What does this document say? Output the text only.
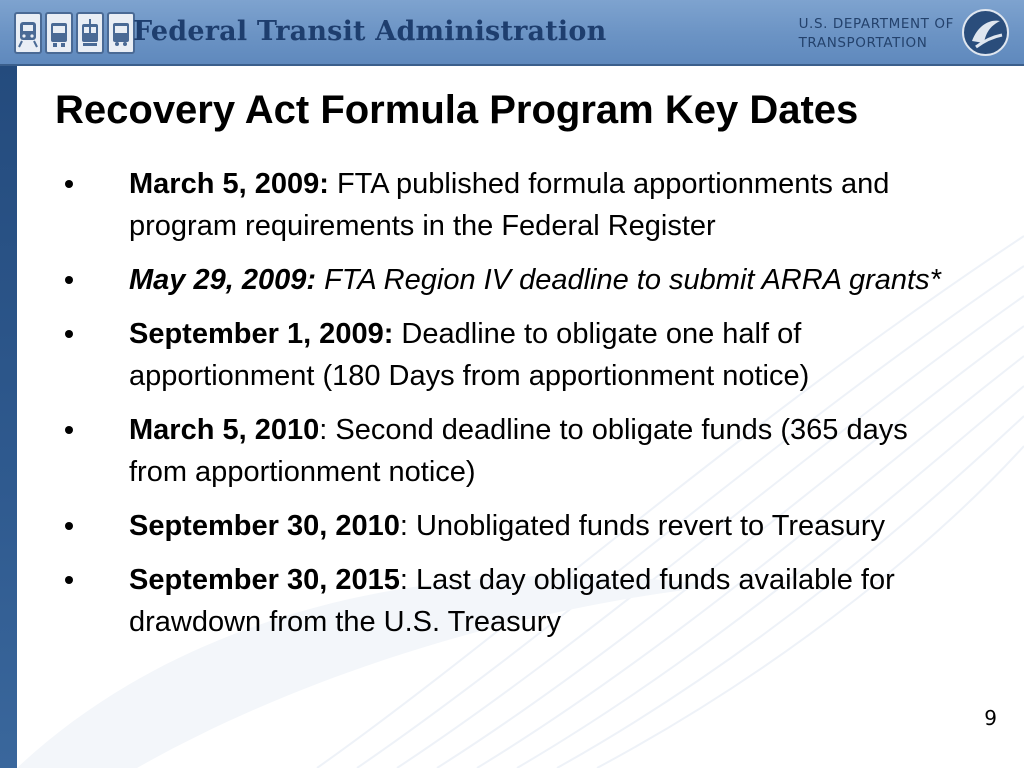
Federal Transit Administration	U.S. DEPARTMENT OF
TRANSPORTATION
Recovery Act Formula Program Key Dates
March 5, 2009: FTA published formula apportionments and program requirements in the Federal Register
May 29, 2009: FTA Region IV deadline to submit ARRA grants*
September 1, 2009: Deadline to obligate one half of apportionment (180 Days from apportionment notice)
March 5, 2010: Second deadline to obligate funds (365 days from apportionment notice)
September 30, 2010: Unobligated funds revert to Treasury
September 30, 2015: Last day obligated funds available for drawdown from the U.S. Treasury
9
